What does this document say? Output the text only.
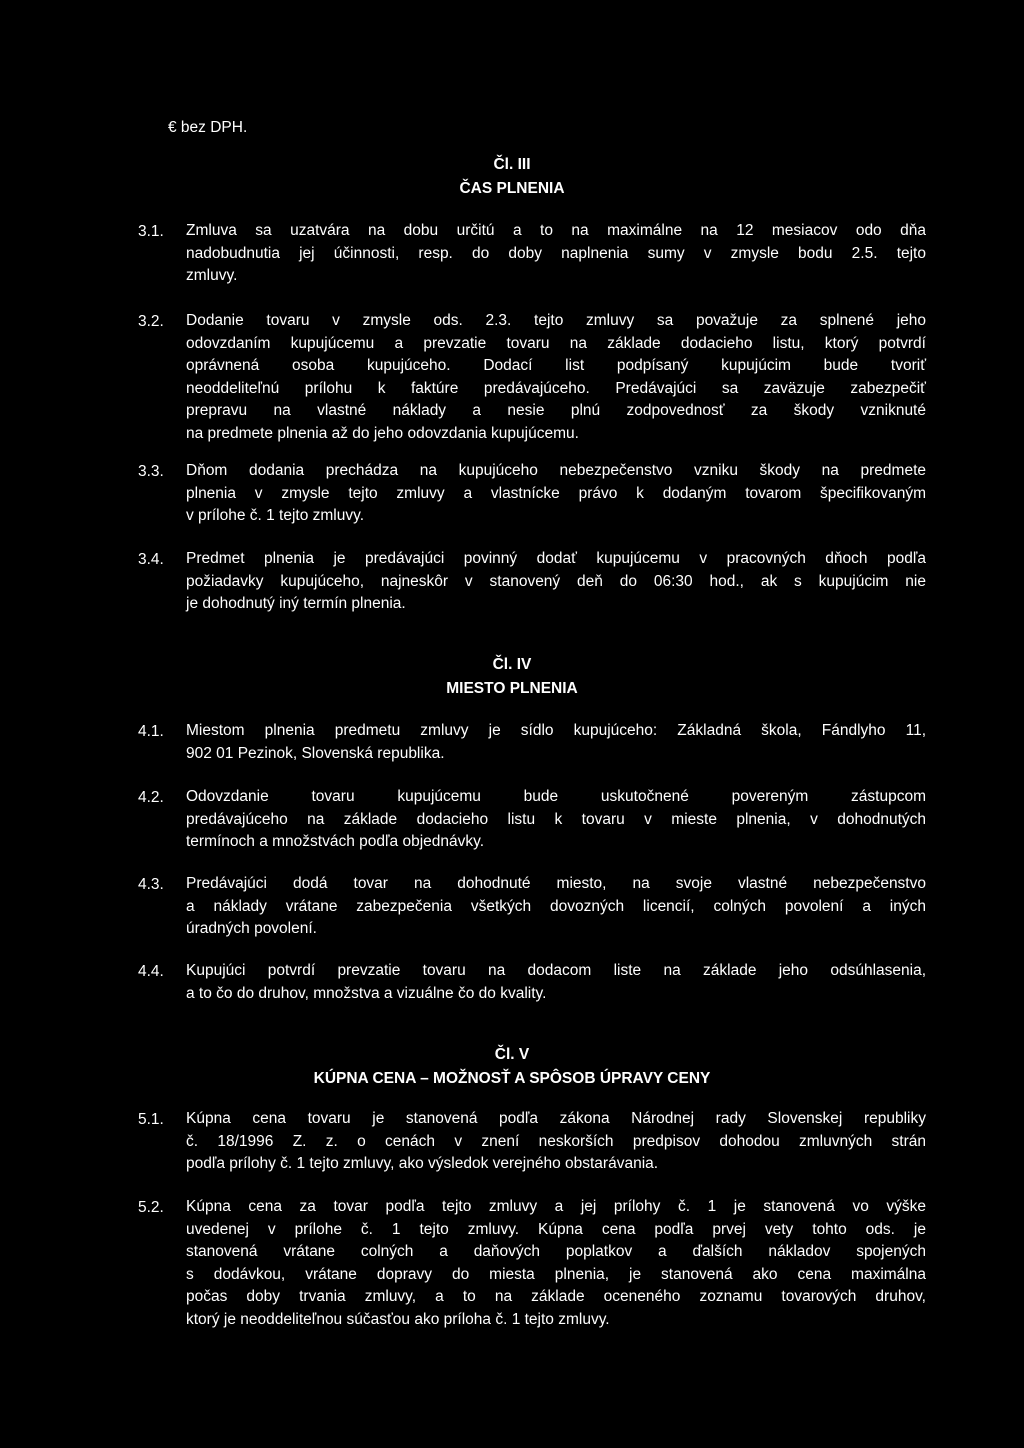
€ bez DPH.
Čl. III
ČAS PLNENIA
3.1. Zmluva sa uzatvára na dobu určitú a to na maximálne na 12 mesiacov odo dňa
nadobudnutia jej účinnosti, resp. do doby naplnenia sumy v zmysle bodu 2.5. tejto
zmluvy.
3.2. Dodanie tovaru v zmysle ods. 2.3. tejto zmluvy sa považuje za splnené jeho
odovzdaním kupujúcemu a prevzatie tovaru na základe dodacieho listu, ktorý potvrdí
oprávnená osoba kupujúceho. Dodací list podpísaný kupujúcim bude tvoriť
neoddeliteľnú prílohu k faktúre predávajúceho. Predávajúci sa zaväzuje zabezpečiť
prepravu na vlastné náklady a nesie plnú zodpovednosť za škody vzniknuté
na predmete plnenia až do jeho odovzdania kupujúcemu.
3.3. Dňom dodania prechádza na kupujúceho nebezpečenstvo vzniku škody na predmete
plnenia v zmysle tejto zmluvy a vlastnícke právo k dodaným tovarom špecifikovaným
v prílohe č. 1 tejto zmluvy.
3.4. Predmet plnenia je predávajúci povinný dodať kupujúcemu v pracovných dňoch podľa
požiadavky kupujúceho, najneskôr v stanovený deň do 06:30 hod., ak s kupujúcim nie
je dohodnutý iný termín plnenia.
Čl. IV
MIESTO PLNENIA
4.1. Miestom plnenia predmetu zmluvy je sídlo kupujúceho: Základná škola, Fándlyho 11,
902 01 Pezinok, Slovenská republika.
4.2. Odovzdanie tovaru kupujúcemu bude uskutočnené povereným zástupcom
predávajúceho na základe dodacieho listu k tovaru v mieste plnenia, v dohodnutých
termínoch a množstvách podľa objednávky.
4.3. Predávajúci dodá tovar na dohodnuté miesto, na svoje vlastné nebezpečenstvo
a náklady vrátane zabezpečenia všetkých dovozných licencií, colných povolení a iných
úradných povolení.
4.4. Kupujúci potvrdí prevzatie tovaru na dodacom liste na základe jeho odsúhlasenia,
a to čo do druhov, množstva a vizuálne čo do kvality.
Čl. V
KÚPNA CENA – MOŽNOSŤ A SPÔSOB ÚPRAVY CENY
5.1. Kúpna cena tovaru je stanovená podľa zákona Národnej rady Slovenskej republiky
č. 18/1996 Z. z. o cenách v znení neskorších predpisov dohodou zmluvných strán
podľa prílohy č. 1 tejto zmluvy, ako výsledok verejného obstarávania.
5.2. Kúpna cena za tovar podľa tejto zmluvy a jej prílohy č. 1 je stanovená vo výške
uvedenej v prílohe č. 1 tejto zmluvy. Kúpna cena podľa prvej vety tohto ods. je
stanovená vrátane colných a daňových poplatkov a ďalších nákladov spojených
s dodávkou, vrátane dopravy do miesta plnenia, je stanovená ako cena maximálna
počas doby trvania zmluvy, a to na základe oceneného zoznamu tovarových druhov,
ktorý je neoddeliteľnou súčasťou ako príloha č. 1 tejto zmluvy.
